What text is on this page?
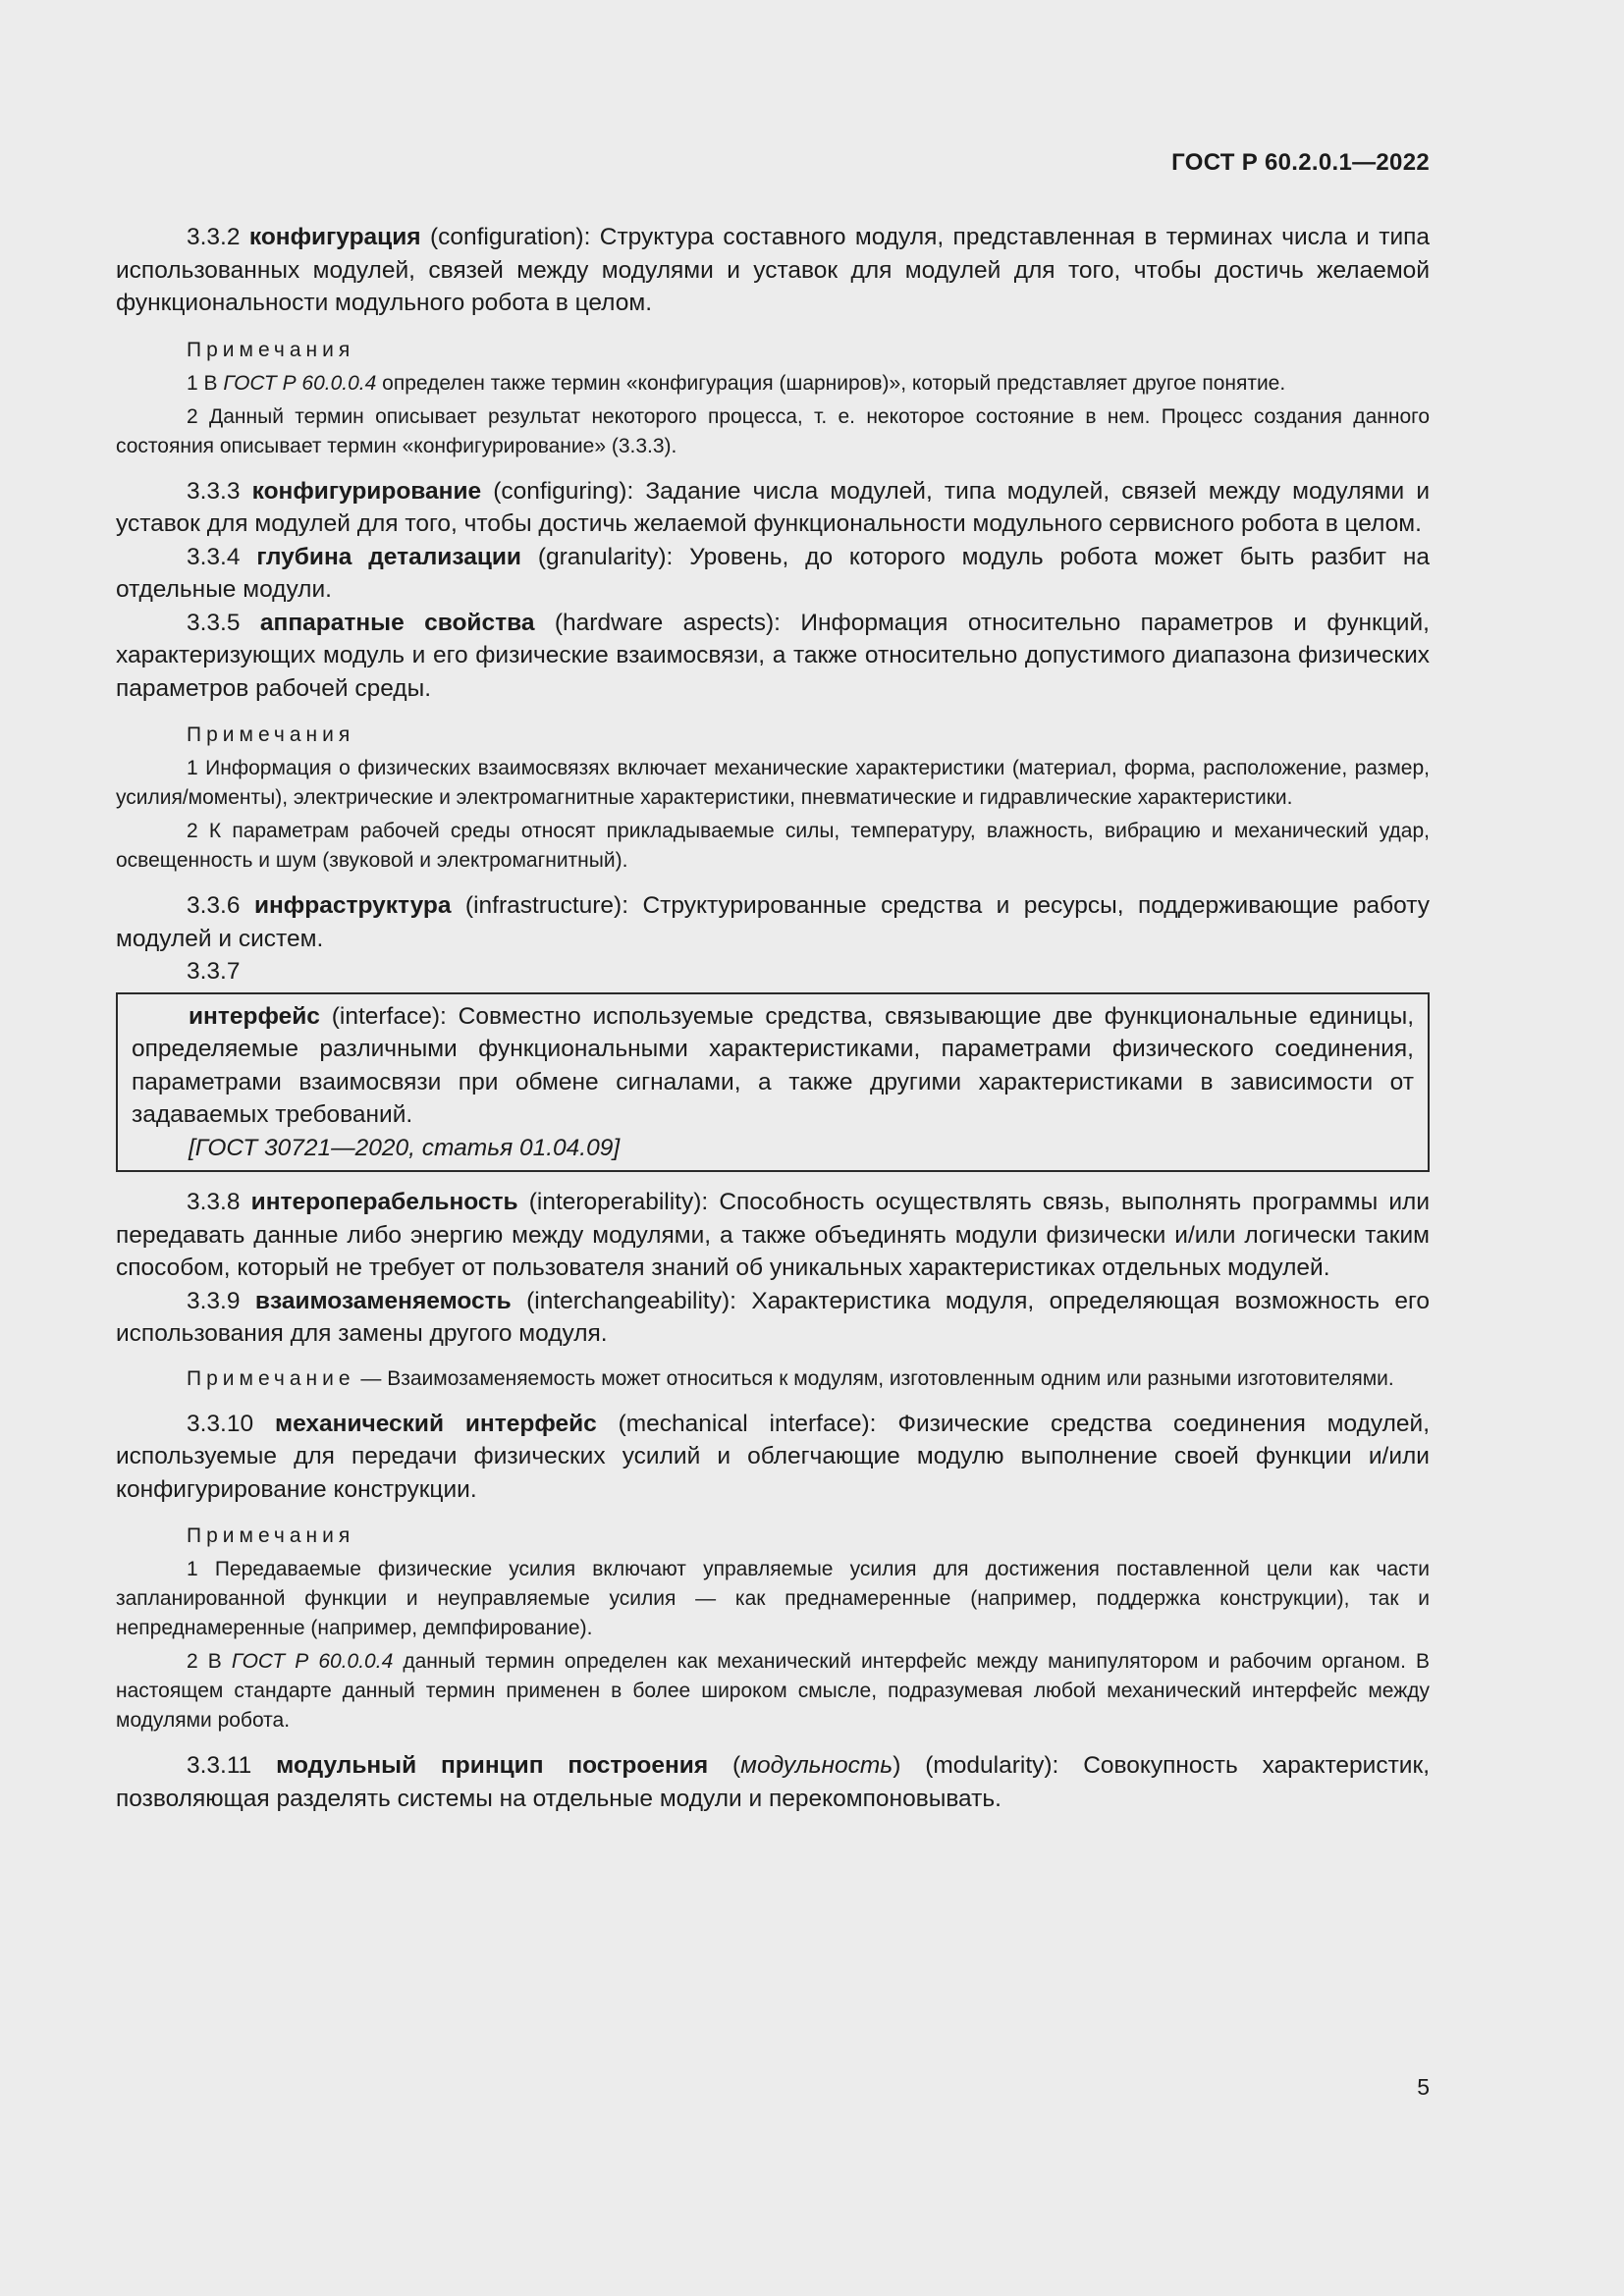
ГОСТ Р 60.2.0.1—2022

3.3.2 конфигурация (configuration): Структура составного модуля, представленная в терминах числа и типа использованных модулей, связей между модулями и уставок для модулей для того, чтобы достичь желаемой функциональности модульного робота в целом.

Примечания

1 В ГОСТ Р 60.0.0.4 определен также термин «конфигурация (шарниров)», который представляет другое понятие.

2 Данный термин описывает результат некоторого процесса, т. е. некоторое состояние в нем. Процесс создания данного состояния описывает термин «конфигурирование» (3.3.3).

3.3.3 конфигурирование (configuring): Задание числа модулей, типа модулей, связей между модулями и уставок для модулей для того, чтобы достичь желаемой функциональности модульного сервисного робота в целом.

3.3.4 глубина детализации (granularity): Уровень, до которого модуль робота может быть разбит на отдельные модули.

3.3.5 аппаратные свойства (hardware aspects): Информация относительно параметров и функций, характеризующих модуль и его физические взаимосвязи, а также относительно допустимого диапазона физических параметров рабочей среды.

Примечания

1 Информация о физических взаимосвязях включает механические характеристики (материал, форма, расположение, размер, усилия/моменты), электрические и электромагнитные характеристики, пневматические и гидравлические характеристики.

2 К параметрам рабочей среды относят прикладываемые силы, температуру, влажность, вибрацию и механический удар, освещенность и шум (звуковой и электромагнитный).

3.3.6 инфраструктура (infrastructure): Структурированные средства и ресурсы, поддерживающие работу модулей и систем.

3.3.7

интерфейс (interface): Совместно используемые средства, связывающие две функциональные единицы, определяемые различными функциональными характеристиками, параметрами физического соединения, параметрами взаимосвязи при обмене сигналами, а также другими характеристиками в зависимости от задаваемых требований.

[ГОСТ 30721—2020, статья 01.04.09]

3.3.8 интероперабельность (interoperability): Способность осуществлять связь, выполнять программы или передавать данные либо энергию между модулями, а также объединять модули физически и/или логически таким способом, который не требует от пользователя знаний об уникальных характеристиках отдельных модулей.

3.3.9 взаимозаменяемость (interchangeability): Характеристика модуля, определяющая возможность его использования для замены другого модуля.

Примечание — Взаимозаменяемость может относиться к модулям, изготовленным одним или разными изготовителями.

3.3.10 механический интерфейс (mechanical interface): Физические средства соединения модулей, используемые для передачи физических усилий и облегчающие модулю выполнение своей функции и/или конфигурирование конструкции.

Примечания

1 Передаваемые физические усилия включают управляемые усилия для достижения поставленной цели как части запланированной функции и неуправляемые усилия — как преднамеренные (например, поддержка конструкции), так и непреднамеренные (например, демпфирование).

2 В ГОСТ Р 60.0.0.4 данный термин определен как механический интерфейс между манипулятором и рабочим органом. В настоящем стандарте данный термин применен в более широком смысле, подразумевая любой механический интерфейс между модулями робота.

3.3.11 модульный принцип построения (модульность) (modularity): Совокупность характеристик, позволяющая разделять системы на отдельные модули и перекомпоновывать.

5
